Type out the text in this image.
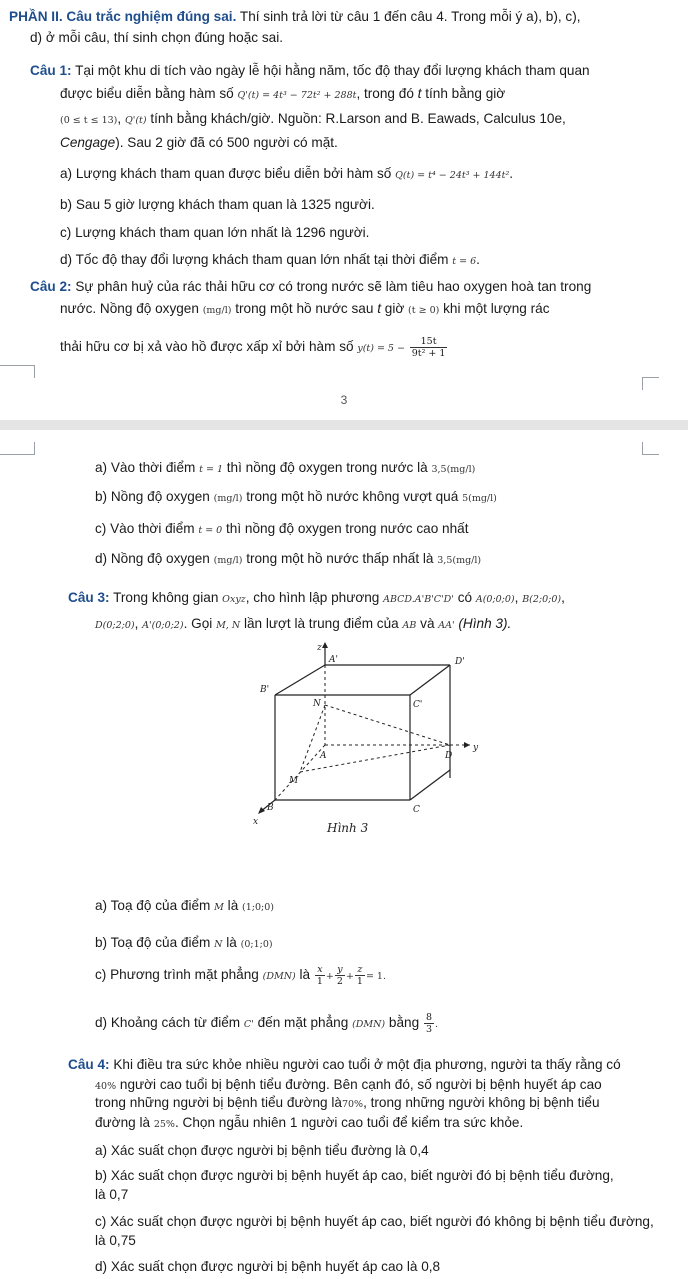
PHẦN II. Câu trắc nghiệm đúng sai. Thí sinh trả lời từ câu 1 đến câu 4. Trong mỗi ý a), b), c),
d) ở mỗi câu, thí sinh chọn đúng hoặc sai.
Câu 1: Tại một khu di tích vào ngày lễ hội hằng năm, tốc độ thay đổi lượng khách tham quan
được biểu diễn bằng hàm số Q'(t) = 4t³ − 72t² + 288t, trong đó t tính bằng giờ
(0 ≤ t ≤ 13), Q'(t) tính bằng khách/giờ. Nguồn: R.Larson and B. Eawads, Calculus 10e,
Cengage). Sau 2 giờ đã có 500 người có mặt.
a) Lượng khách tham quan được biểu diễn bởi hàm số Q(t) = t⁴ − 24t³ + 144t².
b) Sau 5 giờ lượng khách tham quan là 1325 người.
c) Lượng khách tham quan lớn nhất là 1296 người.
d) Tốc độ thay đổi lượng khách tham quan lớn nhất tại thời điểm t = 6.
Câu 2: Sự phân huỷ của rác thải hữu cơ có trong nước sẽ làm tiêu hao oxygen hoà tan trong
nước. Nồng độ oxygen (mg/l) trong một hồ nước sau t giờ (t ≥ 0) khi một lượng rác
thải hữu cơ bị xả vào hồ được xấp xỉ bởi hàm số $y(t) = 5 - \frac{15t}{\text{9t² + 1}}$
3
a) Vào thời điểm t = 1 thì nồng độ oxygen trong nước là 3,5(mg/l)
b) Nồng độ oxygen (mg/l) trong một hồ nước không vượt quá 5(mg/l)
c) Vào thời điểm t = 0 thì nồng độ oxygen trong nước cao nhất
d) Nồng độ oxygen (mg/l) trong một hồ nước thấp nhất là 3,5(mg/l)
Câu 3: Trong không gian Oxyz, cho hình lập phương ABCD.A'B'C'D' có A(0;0;0), B(2;0;0),
D(0;2;0), A'(0;0;2). Gọi M, N lần lượt là trung điểm của AB và AA' (Hình 3).
z
A'	D'
N
B'
C'
A	D
y
M
B	C
x	Hình 3
a) Toạ độ của điểm M là (1;0;0)
b) Toạ độ của điểm N là (0;1;0)
c) Phương trình mặt phẳng (DMN) là $\frac{x}{1} + \frac{y}{2} + \frac{z}{1} = 1$.
d) Khoảng cách từ điểm C' đến mặt phẳng (DMN) bằng $\frac{8}{3}$ .
Câu 4: Khi điều tra sức khỏe nhiều người cao tuổi ở một địa phương, người ta thấy rằng có
40% người cao tuổi bị bệnh tiểu đường. Bên cạnh đó, số người bị bệnh huyết áp cao
trong những người bị bệnh tiểu đường là70%, trong những người không bị bệnh tiểu
đường là 25%. Chọn ngẫu nhiên 1 người cao tuổi để kiểm tra sức khỏe.
a) Xác suất chọn được người bị bệnh tiểu đường là 0,4
b) Xác suất chọn được người bị bệnh huyết áp cao, biết người đó bị bệnh tiểu đường,
là 0,7
c) Xác suất chọn được người bị bệnh huyết áp cao, biết người đó không bị bệnh tiểu đường,
là 0,75
d) Xác suất chọn được người bị bệnh huyết áp cao là 0,8
